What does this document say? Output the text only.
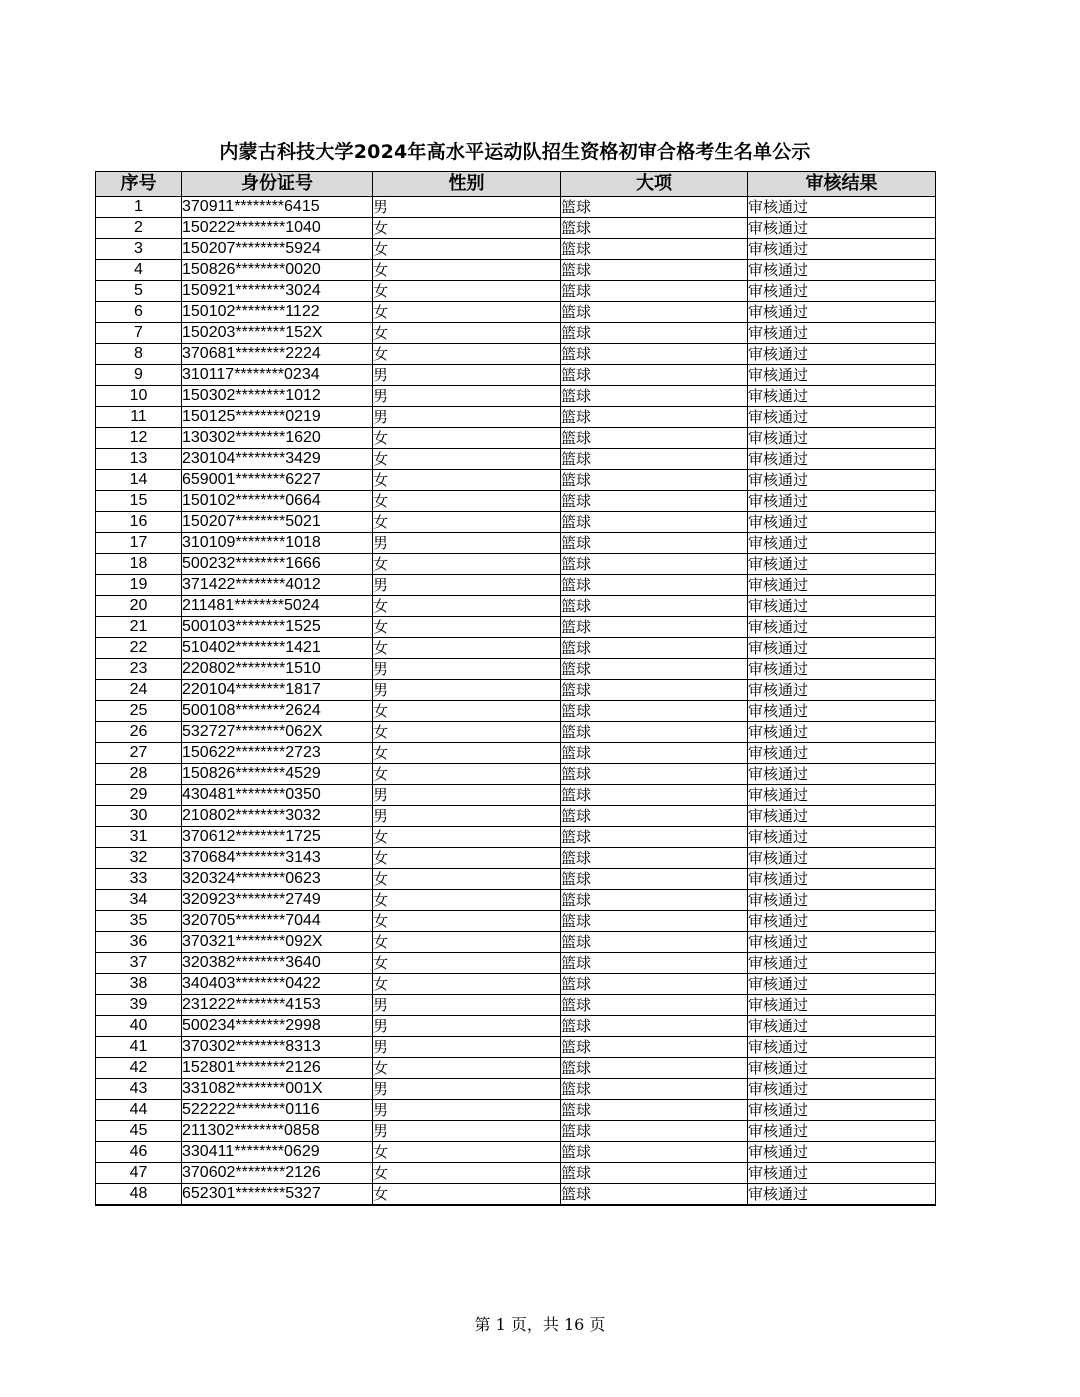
内蒙古科技大学2024年高水平运动队招生资格初审合格考生名单公示
序号	身份证号	性别	大项	审核结果
1	370911********6415	男	篮球	审核通过
2	150222********1040	女	篮球	审核通过
3	150207********5924	女	篮球	审核通过
4	150826********0020	女	篮球	审核通过
5	150921********3024	女	篮球	审核通过
6	150102********1122	女	篮球	审核通过
7	150203********152X	女	篮球	审核通过
8	370681********2224	女	篮球	审核通过
9	310117********0234	男	篮球	审核通过
10	150302********1012	男	篮球	审核通过
11	150125********0219	男	篮球	审核通过
12	130302********1620	女	篮球	审核通过
13	230104********3429	女	篮球	审核通过
14	659001********6227	女	篮球	审核通过
15	150102********0664	女	篮球	审核通过
16	150207********5021	女	篮球	审核通过
17	310109********1018	男	篮球	审核通过
18	500232********1666	女	篮球	审核通过
19	371422********4012	男	篮球	审核通过
20	211481********5024	女	篮球	审核通过
21	500103********1525	女	篮球	审核通过
22	510402********1421	女	篮球	审核通过
23	220802********1510	男	篮球	审核通过
24	220104********1817	男	篮球	审核通过
25	500108********2624	女	篮球	审核通过
26	532727********062X	女	篮球	审核通过
27	150622********2723	女	篮球	审核通过
28	150826********4529	女	篮球	审核通过
29	430481********0350	男	篮球	审核通过
30	210802********3032	男	篮球	审核通过
31	370612********1725	女	篮球	审核通过
32	370684********3143	女	篮球	审核通过
33	320324********0623	女	篮球	审核通过
34	320923********2749	女	篮球	审核通过
35	320705********7044	女	篮球	审核通过
36	370321********092X	女	篮球	审核通过
37	320382********3640	女	篮球	审核通过
38	340403********0422	女	篮球	审核通过
39	231222********4153	男	篮球	审核通过
40	500234********2998	男	篮球	审核通过
41	370302********8313	男	篮球	审核通过
42	152801********2126	女	篮球	审核通过
43	331082********001X	男	篮球	审核通过
44	522222********0116	男	篮球	审核通过
45	211302********0858	男	篮球	审核通过
46	330411********0629	女	篮球	审核通过
47	370602********2126	女	篮球	审核通过
48	652301********5327	女	篮球	审核通过
第 1 页，共 16 页
